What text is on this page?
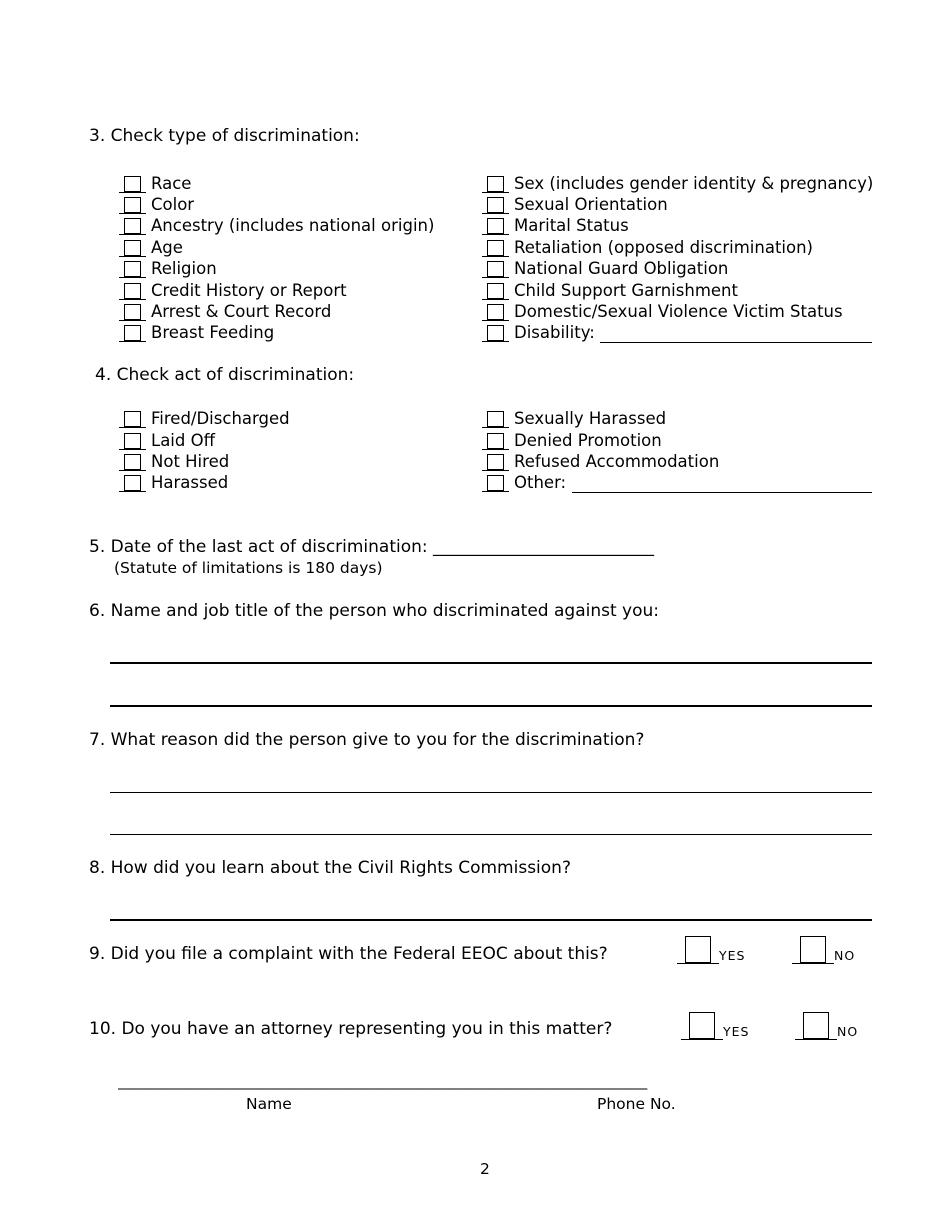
3. Check type of discrimination:
Race
Color
Ancestry (includes national origin)
Age
Religion
Credit History or Report
Arrest & Court Record
Breast Feeding
Sex (includes gender identity & pregnancy)
Sexual Orientation
Marital Status
Retaliation (opposed discrimination)
National Guard Obligation
Child Support Garnishment
Domestic/Sexual Violence Victim Status
Disability:
4. Check act of discrimination:
Fired/Discharged
Laid Off
Not Hired
Harassed
Sexually Harassed
Denied Promotion
Refused Accommodation
Other:
5. Date of the last act of discrimination: __________________________
(Statute of limitations is 180 days)
6. Name and job title of the person who discriminated against you:
7. What reason did the person give to you for the discrimination?
8. How did you learn about the Civil Rights Commission?
9. Did you file a complaint with the Federal EEOC about this?	YES	NO
10. Do you have an attorney representing you in this matter?	YES	NO
_________________________________________________________________________
Name	Phone No.
2
